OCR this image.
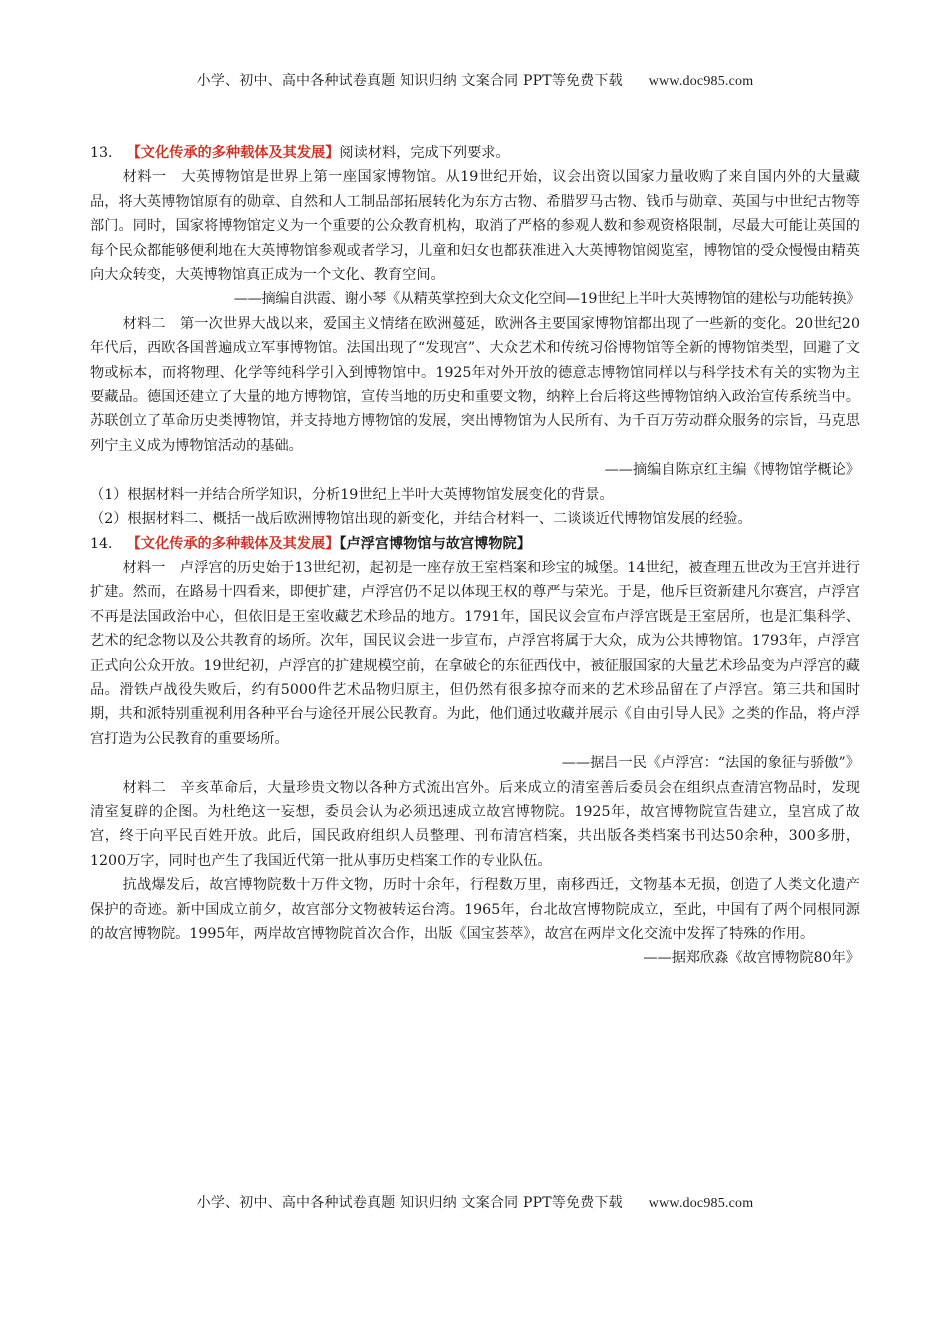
小学、初中、高中各种试卷真题 知识归纳 文案合同 PPT等免费下载 www.doc985.com

13. 【文化传承的多种载体及其发展】阅读材料，完成下列要求。

材料一　大英博物馆是世界上第一座国家博物馆。从19世纪开始，议会出资以国家力量收购了来自国内外的大量藏品，将大英博物馆原有的勋章、自然和人工制品部拓展转化为东方古物、希腊罗马古物、钱币与勋章、英国与中世纪古物等部门。同时，国家将博物馆定义为一个重要的公众教育机构，取消了严格的参观人数和参观资格限制，尽最大可能让英国的每个民众都能够便利地在大英博物馆参观或者学习，儿童和妇女也都获准进入大英博物馆阅览室，博物馆的受众慢慢由精英向大众转变，大英博物馆真正成为一个文化、教育空间。

——摘编自洪霞、谢小琴《从精英掌控到大众文化空间—19世纪上半叶大英博物馆的建松与功能转换》

材料二　第一次世界大战以来，爱国主义情绪在欧洲蔓延，欧洲各主要国家博物馆都出现了一些新的变化。20世纪20年代后，西欧各国普遍成立军事博物馆。法国出现了“发现宫”、大众艺术和传统习俗博物馆等全新的博物馆类型，回避了文物或标本，而将物理、化学等纯科学引入到博物馆中。1925年对外开放的德意志博物馆同样以与科学技术有关的实物为主要藏品。德国还建立了大量的地方博物馆，宣传当地的历史和重要文物，纳粹上台后将这些博物馆纳入政治宣传系统当中。苏联创立了革命历史类博物馆，并支持地方博物馆的发展，突出博物馆为人民所有、为千百万劳动群众服务的宗旨，马克思列宁主义成为博物馆活动的基础。

——摘编自陈京红主编《博物馆学概论》

（1）根据材料一并结合所学知识，分析19世纪上半叶大英博物馆发展变化的背景。

（2）根据材料二、概括一战后欧洲博物馆出现的新变化，并结合材料一、二谈谈近代博物馆发展的经验。

14. 【文化传承的多种载体及其发展】【卢浮宫博物馆与故宫博物院】

材料一　卢浮宫的历史始于13世纪初，起初是一座存放王室档案和珍宝的城堡。14世纪，被查理五世改为王宫并进行扩建。然而，在路易十四看来，即便扩建，卢浮宫仍不足以体现王权的尊严与荣光。于是，他斥巨资新建凡尔赛宫，卢浮宫不再是法国政治中心，但依旧是王室收藏艺术珍品的地方。1791年，国民议会宣布卢浮宫既是王室居所，也是汇集科学、艺术的纪念物以及公共教育的场所。次年，国民议会进一步宣布，卢浮宫将属于大众，成为公共博物馆。1793年，卢浮宫正式向公众开放。19世纪初，卢浮宫的扩建规模空前，在拿破仑的东征西伐中，被征服国家的大量艺术珍品变为卢浮宫的藏品。滑铁卢战役失败后，约有5000件艺术品物归原主，但仍然有很多掠夺而来的艺术珍品留在了卢浮宫。第三共和国时期，共和派特别重视利用各种平台与途径开展公民教育。为此，他们通过收藏并展示《自由引导人民》之类的作品，将卢浮宫打造为公民教育的重要场所。

——据吕一民《卢浮宫：“法国的象征与骄傲”》

材料二　辛亥革命后，大量珍贵文物以各种方式流出宫外。后来成立的清室善后委员会在组织点查清宫物品时，发现清室复辟的企图。为杜绝这一妄想，委员会认为必须迅速成立故宫博物院。1925年，故宫博物院宣告建立，皇宫成了故宫，终于向平民百姓开放。此后，国民政府组织人员整理、刊布清宫档案，共出版各类档案书刊达50余种，300多册，1200万字，同时也产生了我国近代第一批从事历史档案工作的专业队伍。

抗战爆发后，故宫博物院数十万件文物，历时十余年，行程数万里，南移西迁，文物基本无损，创造了人类文化遗产保护的奇迹。新中国成立前夕，故宫部分文物被转运台湾。1965年，台北故宫博物院成立，至此，中国有了两个同根同源的故宫博物院。1995年，两岸故宫博物院首次合作，出版《国宝荟萃》，故宫在两岸文化交流中发挥了特殊的作用。

——据郑欣淼《故宫博物院80年》

小学、初中、高中各种试卷真题 知识归纳 文案合同 PPT等免费下载 www.doc985.com
